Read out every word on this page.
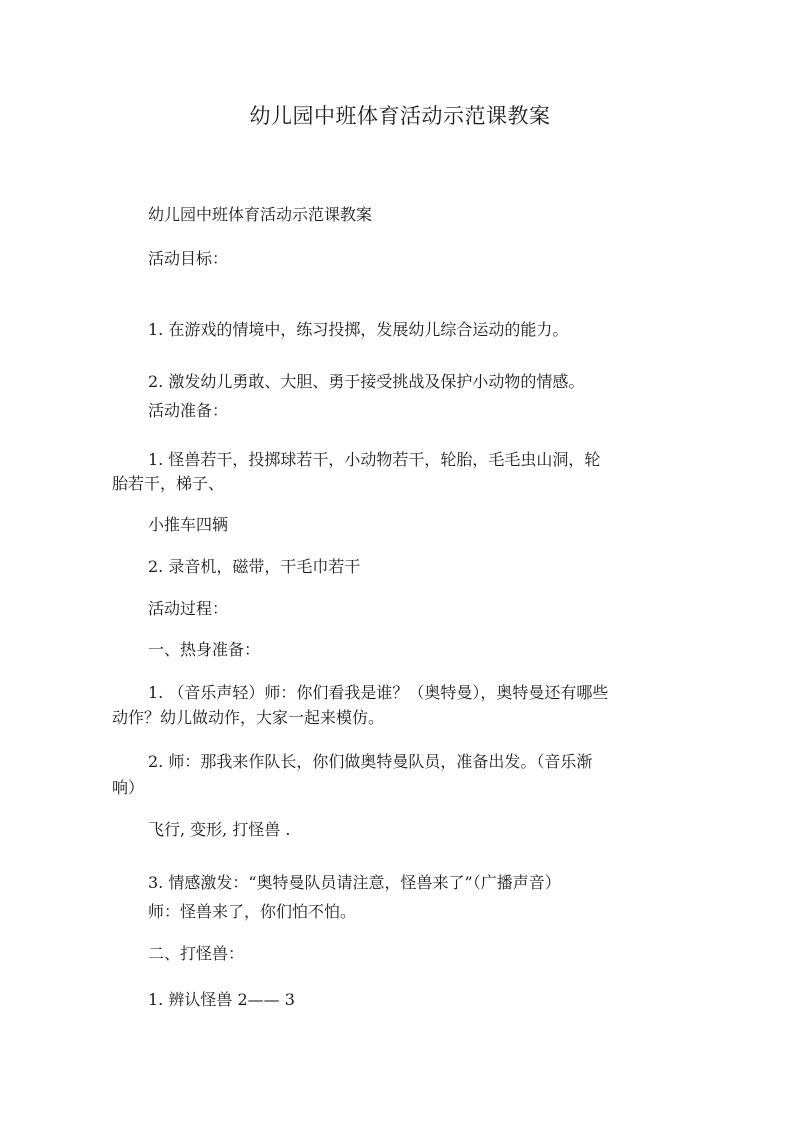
幼儿园中班体育活动示范课教案
幼儿园中班体育活动示范课教案
活动目标：
1. 在游戏的情境中，练习投掷，发展幼儿综合运动的能力。
2. 激发幼儿勇敢、大胆、勇于接受挑战及保护小动物的情感。
活动准备：
1. 怪兽若干，投掷球若干，小动物若干，轮胎，毛毛虫山洞，轮
胎若干，梯子、
小推车四辆
2. 录音机，磁带，干毛巾若干
活动过程：
一、热身准备：
1. （音乐声轻）师：你们看我是谁？（奥特曼），奥特曼还有哪些
动作？幼儿做动作，大家一起来模仿。
2. 师：那我来作队长，你们做奥特曼队员，准备出发。（音乐渐
响）
飞行, 变形, 打怪兽 .
3. 情感激发：“奥特曼队员请注意，怪兽来了”（广播声音）
师：怪兽来了，你们怕不怕。
二、打怪兽：
1. 辨认怪兽 2—— 3
